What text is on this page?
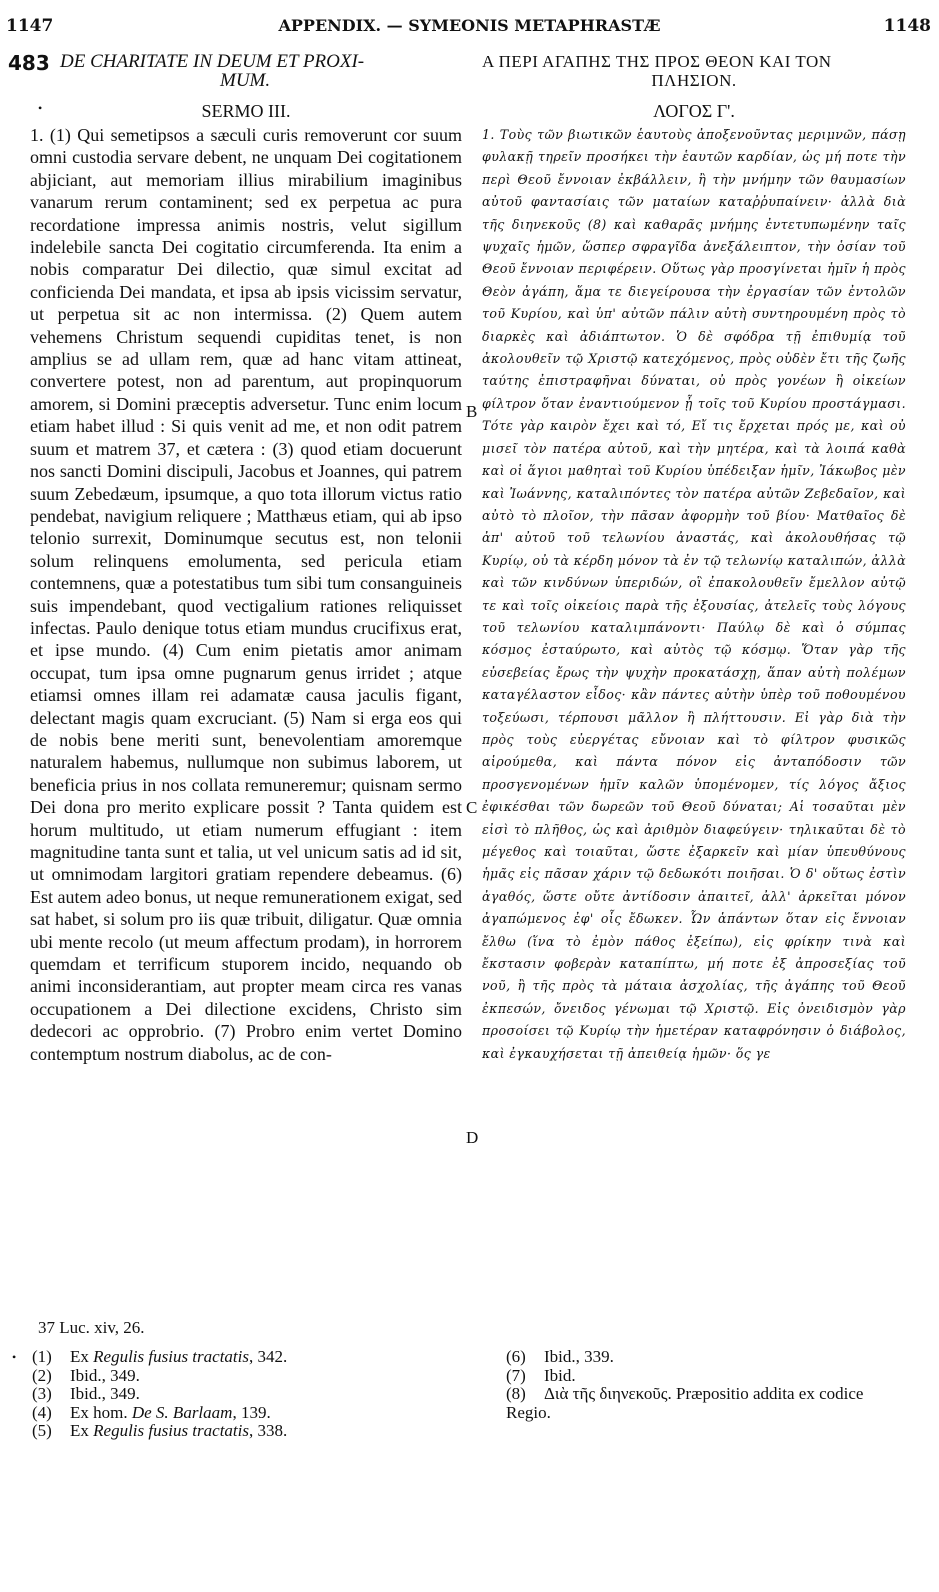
1147	APPENDIX. — SYMEONIS METAPHRASTÆ	1148
483 DE CHARITATE IN DEUM ET PROXI-
MUM.
A ΠΕΡΙ ΑΓΑΠΗΣ ΤΗΣ ΠΡΟΣ ΘΕΟΝ ΚΑΙ ΤΟΝ
ΠΛΗΣΙΟΝ.
•	SERMO III.	ΛΟΓΟΣ Γ'.

1. (1) Qui semetipsos a sæculi curis removerunt cor suum omni custodia servare debent, ne unquam Dei cogitationem abjiciant, aut memoriam illius mirabilium imaginibus vanarum rerum contaminent; sed ex perpetua ac pura recordatione impressa animis nostris, velut sigillum indelebile sancta Dei cogitatio circumferenda. Ita enim a nobis comparatur Dei dilectio, quæ simul excitat ad conficienda Dei mandata, et ipsa ab ipsis vicissim servatur, ut perpetua sit ac non intermissa. (2) Quem autem vehemens Christum sequendi cupiditas tenet, is non amplius se ad ullam rem, quæ ad hanc vitam attineat, convertere potest, non ad parentum, aut propinquorum amorem, si Domini præceptis adversetur. Tunc enim locum etiam habet illud : Si quis venit ad me, et non odit patrem suum et matrem 37, et cætera : (3) quod etiam docuerunt nos sancti Domini discipuli, Jacobus et Joannes, qui patrem suum Zebedæum, ipsumque, a quo tota illorum victus ratio pendebat, navigium reliquere ; Matthæus etiam, qui ab ipso telonio surrexit, Dominumque secutus est, non telonii solum relinquens emolumenta, sed pericula etiam contemnens, quæ a potestatibus tum sibi tum consanguineis suis impendebant, quod vectigalium rationes reliquisset infectas. Paulo denique totus etiam mundus crucifixus erat, et ipse mundo. (4) Cum enim pietatis amor animam occupat, tum ipsa omne pugnarum genus irridet ; atque etiamsi omnes illam rei adamatæ causa jaculis figant, delectant magis quam excruciant. (5) Nam si erga eos qui de nobis bene meriti sunt, benevolentiam amoremque naturalem habemus, nullumque non subimus laborem, ut beneficia prius in nos collata remuneremur; quisnam sermo Dei dona pro merito explicare possit ? Tanta quidem est horum multitudo, ut etiam numerum effugiant : item magnitudine tanta sunt et talia, ut vel unicum satis ad id sit, ut omnimodam largitori gratiam rependere debeamus. (6) Est autem adeo bonus, ut neque remunerationem exigat, sed sat habet, si solum pro iis quæ tribuit, diligatur. Quæ omnia ubi mente recolo (ut meum affectum prodam), in horrorem quemdam et terrificum stuporem incido, nequando ob animi inconsiderantiam, aut propter meam circa res vanas occupationem a Dei dilectione excidens, Christo sim dedecori ac opprobrio. (7) Probro enim vertet Domino contemptum nostrum diabolus, ac de con-

1. Τοὺς τῶν βιωτικῶν ἑαυτοὺς ἀποξενοῦντας μεριμνῶν, πάσῃ φυλακῇ τηρεῖν προσήκει τὴν ἑαυτῶν καρδίαν, ὡς μή ποτε τὴν περὶ Θεοῦ ἔννοιαν ἐκβάλλειν, ἢ τὴν μνήμην τῶν θαυμασίων αὐτοῦ φαντασίαις τῶν ματαίων καταῤῥυπαίνειν· ἀλλὰ διὰ τῆς διηνεκοῦς (8) καὶ καθαρᾶς μνήμης ἐντετυπωμένην ταῖς ψυχαῖς ἡμῶν, ὥσπερ σφραγῖδα ἀνεξάλειπτον, τὴν ὁσίαν τοῦ Θεοῦ ἔννοιαν περιφέρειν. Οὕτως γὰρ προσγίνεται ἡμῖν ἡ πρὸς Θεὸν ἀγάπη, ἅμα τε διεγείρουσα τὴν ἐργασίαν τῶν ἐντολῶν τοῦ Κυρίου, καὶ ὑπ' αὐτῶν πάλιν αὐτὴ συντηρουμένη πρὸς τὸ διαρκὲς καὶ ἀδιάπτωτον. Ὁ δὲ σφόδρα τῇ ἐπιθυμίᾳ τοῦ ἀκολουθεῖν τῷ Χριστῷ κατεχόμενος, πρὸς οὐδὲν ἔτι τῆς ζωῆς ταύτης ἐπιστραφῆναι δύναται, οὐ πρὸς γονέων ἢ οἰκείων φίλτρον ὅταν ἐναντιούμενον ᾖ τοῖς τοῦ Κυρίου προστάγμασι. Τότε γὰρ καιρὸν ἔχει καὶ τό, Εἴ τις ἔρχεται πρός με, καὶ οὐ μισεῖ τὸν πατέρα αὐτοῦ, καὶ τὴν μητέρα, καὶ τὰ λοιπά καθὰ καὶ οἱ ἅγιοι μαθηταὶ τοῦ Κυρίου ὑπέδειξαν ἡμῖν, Ἰάκωβος μὲν καὶ Ἰωάννης, καταλιπόντες τὸν πατέρα αὐτῶν Ζεβεδαῖον, καὶ αὐτὸ τὸ πλοῖον, τὴν πᾶσαν ἀφορμὴν τοῦ βίου· Ματθαῖος δὲ ἀπ' αὐτοῦ τοῦ τελωνίου ἀναστάς, καὶ ἀκολουθήσας τῷ Κυρίῳ, οὐ τὰ κέρδη μόνον τὰ ἐν τῷ τελωνίῳ καταλιπών, ἀλλὰ καὶ τῶν κινδύνων ὑπεριδών, οἳ ἐπακολουθεῖν ἔμελλον αὐτῷ τε καὶ τοῖς οἰκείοις παρὰ τῆς ἐξουσίας, ἀτελεῖς τοὺς λόγους τοῦ τελωνίου καταλιμπάνοντι· Παύλῳ δὲ καὶ ὁ σύμπας κόσμος ἐσταύρωτο, καὶ αὐτὸς τῷ κόσμῳ. Ὅταν γὰρ τῆς εὐσεβείας ἔρως τὴν ψυχὴν προκατάσχῃ, ἅπαν αὐτὴ πολέμων καταγέλαστον εἶδος· κἂν πάντες αὐτὴν ὑπὲρ τοῦ ποθουμένου τοξεύωσι, τέρπουσι μᾶλλον ἢ πλήττουσιν. Εἰ γὰρ διὰ τὴν πρὸς τοὺς εὐεργέτας εὔνοιαν καὶ τὸ φίλτρον φυσικῶς αἱρούμεθα, καὶ πάντα πόνον εἰς ἀνταπόδοσιν τῶν προσγενομένων ἡμῖν καλῶν ὑπομένομεν, τίς λόγος ἄξιος ἐφικέσθαι τῶν δωρεῶν τοῦ Θεοῦ δύναται; Αἱ τοσαῦται μὲν εἰσὶ τὸ πλῆθος, ὡς καὶ ἀριθμὸν διαφεύγειν· τηλικαῦται δὲ τὸ μέγεθος καὶ τοιαῦται, ὥστε ἐξαρκεῖν καὶ μίαν ὑπευθύνους ἡμᾶς εἰς πᾶσαν χάριν τῷ δεδωκότι ποιῆσαι. Ὁ δ' οὕτως ἐστὶν ἀγαθός, ὥστε οὔτε ἀντίδοσιν ἀπαιτεῖ, ἀλλ' ἀρκεῖται μόνον ἀγαπώμενος ἐφ' οἷς ἔδωκεν. Ὧν ἁπάντων ὅταν εἰς ἔννοιαν ἔλθω (ἵνα τὸ ἐμὸν πάθος ἐξείπω), εἰς φρίκην τινὰ καὶ ἔκστασιν φοβερὰν καταπίπτω, μή ποτε ἐξ ἀπροσεξίας τοῦ νοῦ, ἢ τῆς πρὸς τὰ μάταια ἀσχολίας, τῆς ἀγάπης τοῦ Θεοῦ ἐκπεσών, ὄνειδος γένωμαι τῷ Χριστῷ. Εἰς ὀνειδισμὸν γὰρ προσοίσει τῷ Κυρίῳ τὴν ἡμετέραν καταφρόνησιν ὁ διάβολος, καὶ ἐγκαυχήσεται τῇ ἀπειθείᾳ ἡμῶν· ὅς γε

B
C
D
37 Luc. xiv, 26.
• (1) Ex Regulis fusius tractatis, 342.
(2) Ibid., 349.
(3) Ibid., 349.
(4) Ex hom. De S. Barlaam, 139.
(5) Ex Regulis fusius tractatis, 338.
(6) Ibid., 339.
(7) Ibid.
(8) Διὰ τῆς διηνεκοῦς. Præpositio addita ex codice Regio.
